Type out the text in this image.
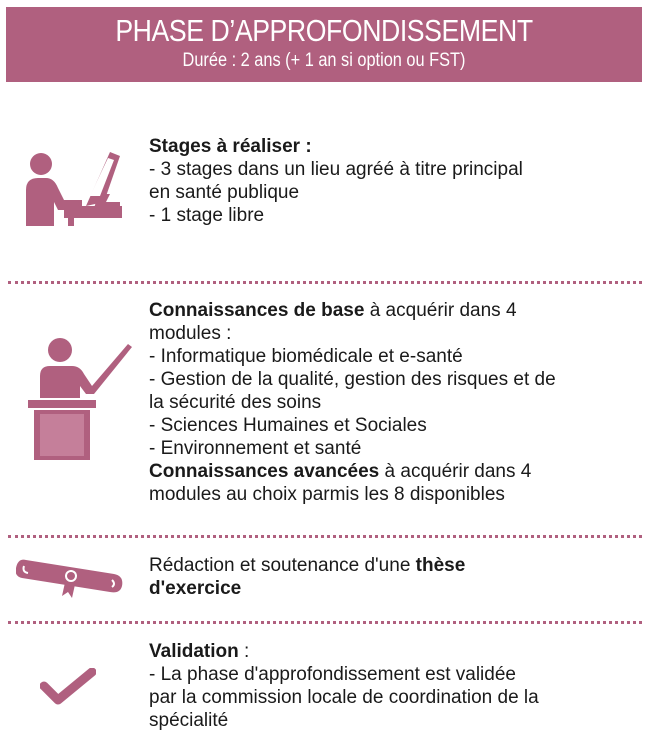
PHASE D’APPROFONDISSEMENT
Durée : 2 ans (+ 1 an si option ou FST)
Stages à réaliser :
- 3 stages dans un lieu agréé à titre principal
en santé publique
- 1 stage libre
Connaissances de base à acquérir dans 4
modules :
- Informatique biomédicale et e-santé
- Gestion de la qualité, gestion des risques et de
la sécurité des soins
- Sciences Humaines et Sociales
- Environnement et santé
Connaissances avancées à acquérir dans 4
modules au choix parmis les 8 disponibles
Rédaction et soutenance d'une thèse
d'exercice
Validation :
- La phase d'approfondissement est validée
par la commission locale de coordination de la
spécialité
